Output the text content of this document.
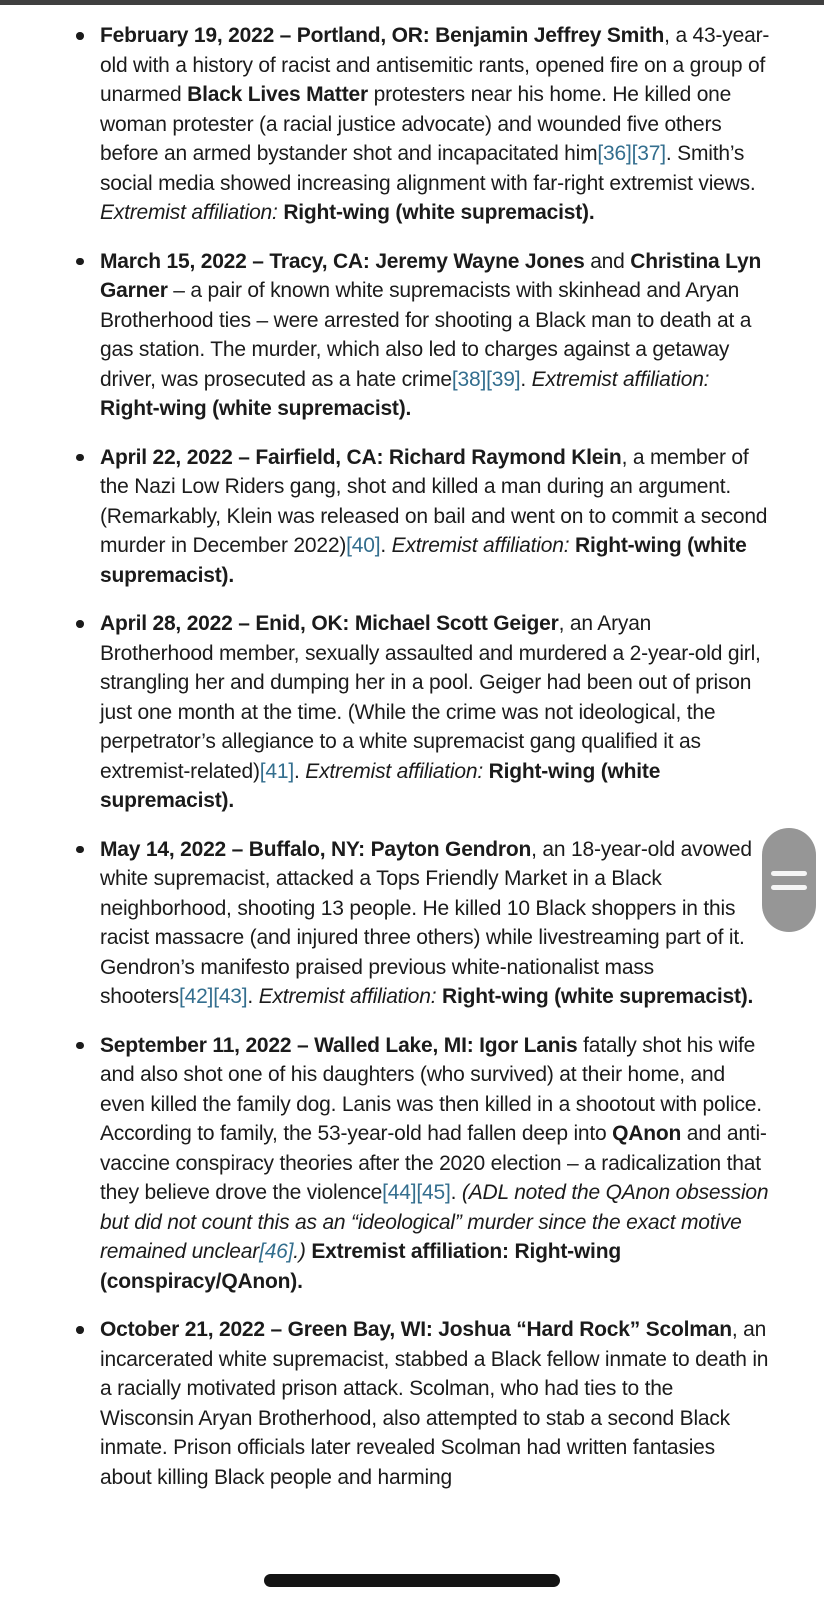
February 19, 2022 – Portland, OR: Benjamin Jeffrey Smith, a 43-year-old with a history of racist and antisemitic rants, opened fire on a group of unarmed Black Lives Matter protesters near his home. He killed one woman protester (a racial justice advocate) and wounded five others before an armed bystander shot and incapacitated him[36][37]. Smith’s social media showed increasing alignment with far-right extremist views. Extremist affiliation: Right-wing (white supremacist).
March 15, 2022 – Tracy, CA: Jeremy Wayne Jones and Christina Lyn Garner – a pair of known white supremacists with skinhead and Aryan Brotherhood ties – were arrested for shooting a Black man to death at a gas station. The murder, which also led to charges against a getaway driver, was prosecuted as a hate crime[38][39]. Extremist affiliation: Right-wing (white supremacist).
April 22, 2022 – Fairfield, CA: Richard Raymond Klein, a member of the Nazi Low Riders gang, shot and killed a man during an argument. (Remarkably, Klein was released on bail and went on to commit a second murder in December 2022)[40]. Extremist affiliation: Right-wing (white supremacist).
April 28, 2022 – Enid, OK: Michael Scott Geiger, an Aryan Brotherhood member, sexually assaulted and murdered a 2-year-old girl, strangling her and dumping her in a pool. Geiger had been out of prison just one month at the time. (While the crime was not ideological, the perpetrator’s allegiance to a white supremacist gang qualified it as extremist-related)[41]. Extremist affiliation: Right-wing (white supremacist).
May 14, 2022 – Buffalo, NY: Payton Gendron, an 18-year-old avowed white supremacist, attacked a Tops Friendly Market in a Black neighborhood, shooting 13 people. He killed 10 Black shoppers in this racist massacre (and injured three others) while livestreaming part of it. Gendron’s manifesto praised previous white-nationalist mass shooters[42][43]. Extremist affiliation: Right-wing (white supremacist).
September 11, 2022 – Walled Lake, MI: Igor Lanis fatally shot his wife and also shot one of his daughters (who survived) at their home, and even killed the family dog. Lanis was then killed in a shootout with police. According to family, the 53-year-old had fallen deep into QAnon and anti-vaccine conspiracy theories after the 2020 election – a radicalization that they believe drove the violence[44][45]. (ADL noted the QAnon obsession but did not count this as an “ideological” murder since the exact motive remained unclear[46].) Extremist affiliation: Right-wing (conspiracy/QAnon).
October 21, 2022 – Green Bay, WI: Joshua “Hard Rock” Scolman, an incarcerated white supremacist, stabbed a Black fellow inmate to death in a racially motivated prison attack. Scolman, who had ties to the Wisconsin Aryan Brotherhood, also attempted to stab a second Black inmate. Prison officials later revealed Scolman had written fantasies about killing Black people and harming
